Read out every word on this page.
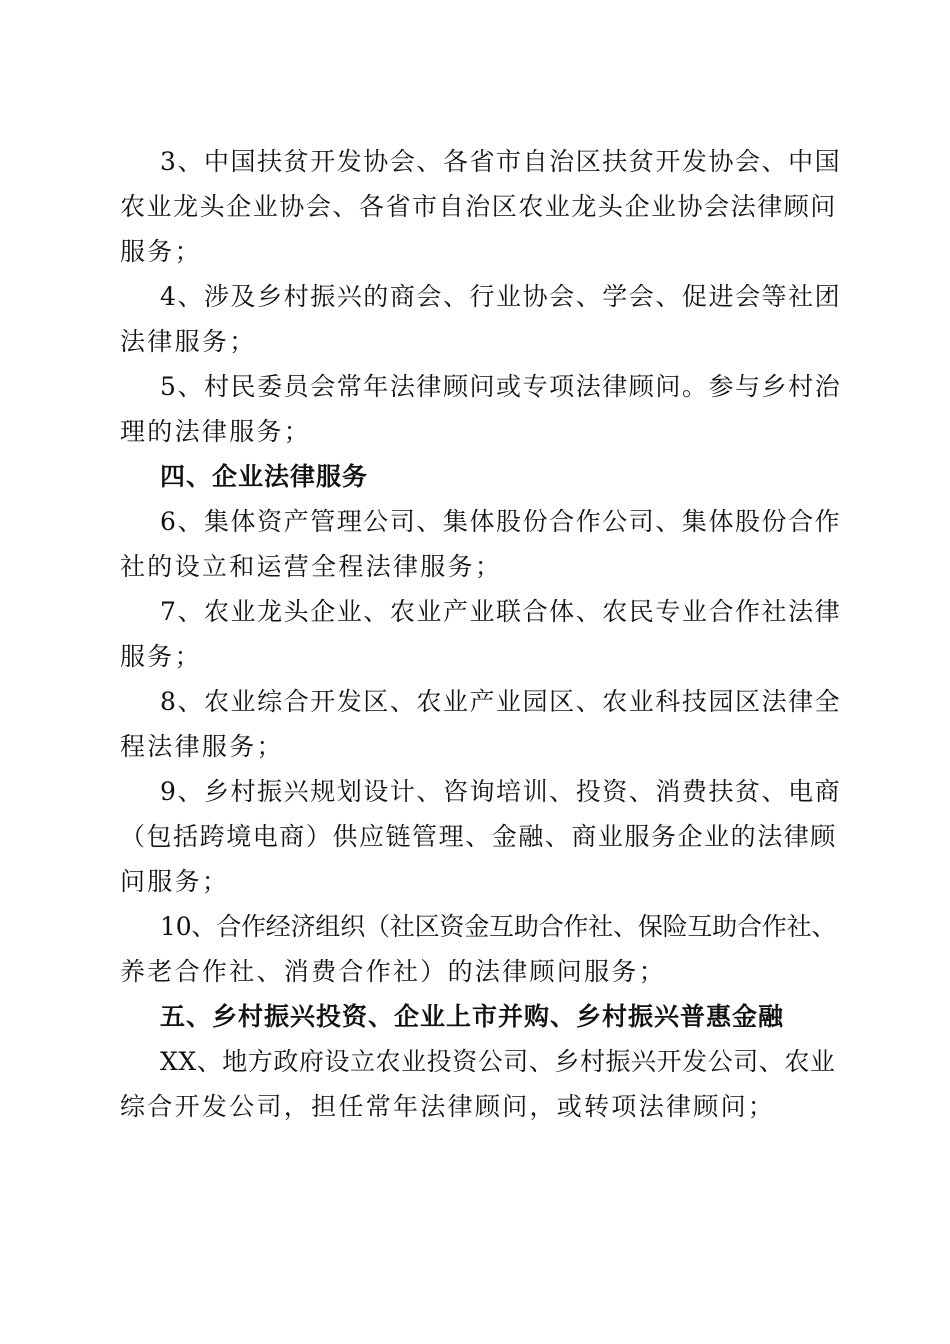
3、中国扶贫开发协会、各省市自治区扶贫开发协会、中国
农业龙头企业协会、各省市自治区农业龙头企业协会法律顾问
服务；

4、涉及乡村振兴的商会、行业协会、学会、促进会等社团
法律服务；

5、村民委员会常年法律顾问或专项法律顾问。参与乡村治
理的法律服务；

四、企业法律服务

6、集体资产管理公司、集体股份合作公司、集体股份合作
社的设立和运营全程法律服务；

7、农业龙头企业、农业产业联合体、农民专业合作社法律
服务；

8、农业综合开发区、农业产业园区、农业科技园区法律全
程法律服务；

9、乡村振兴规划设计、咨询培训、投资、消费扶贫、电商
（包括跨境电商）供应链管理、金融、商业服务企业的法律顾
问服务；

10、合作经济组织（社区资金互助合作社、保险互助合作社、
养老合作社、消费合作社）的法律顾问服务；

五、乡村振兴投资、企业上市并购、乡村振兴普惠金融

XX、地方政府设立农业投资公司、乡村振兴开发公司、农业
综合开发公司，担任常年法律顾问，或转项法律顾问；
